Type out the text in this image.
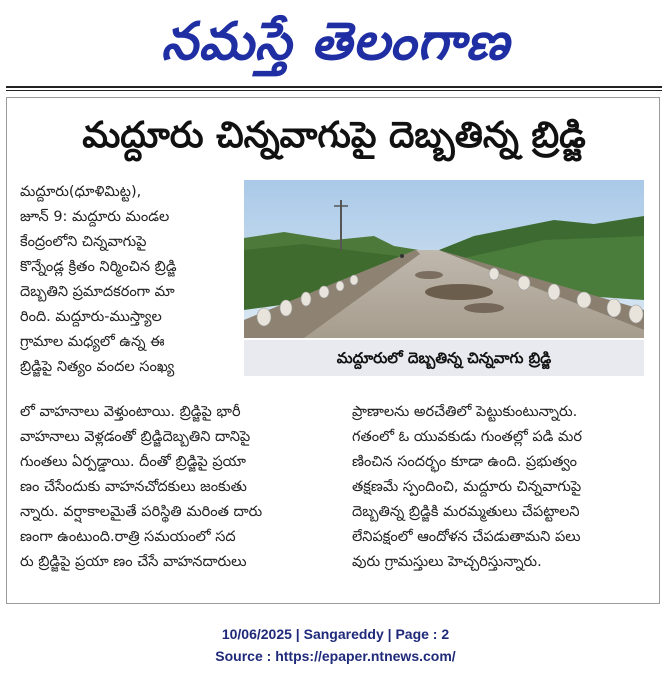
నమస్తే తెలంగాణ
మద్దూరు చిన్నవాగుపై దెబ్బతిన్న బ్రిడ్జి
మద్దూరు(ధూళిమిట్ట),
జూన్ 9: మద్దూరు మండల
కేంద్రంలోని చిన్నవాగుపై
కొన్నేండ్ల క్రితం నిర్మించిన బ్రిడ్జి
దెబ్బతిని ప్రమాదకరంగా మా
రింది. మద్దూరు-ముస్త్యాల
గ్రామాల మధ్యలో ఉన్న ఈ
బ్రిడ్జిపై నిత్యం వందల సంఖ్య	మద్దూరులో దెబ్బతిన్న చిన్నవాగు బ్రిడ్జి
లో వాహనాలు వెళ్తుంటాయి. బ్రిడ్జిపై భారీ
వాహనాలు వెళ్లడంతో బ్రిడ్జిదెబ్బతిని దానిపై
గుంతలు ఏర్పడ్డాయి. దీంతో బ్రిడ్జిపై ప్రయా
ణం చేసేందుకు వాహనచోదకులు జంకుతు
న్నారు. వర్షాకాలమైతే పరిస్థితి మరింత దారు
ణంగా ఉంటుంది.రాత్రి సమయంలో సద
రు బ్రిడ్జిపై ప్రయా ణం చేసే వాహనదారులు
ప్రాణాలను అరచేతిలో పెట్టుకుంటున్నారు.
గతంలో ఓ యువకుడు గుంతల్లో పడి మర
ణించిన సందర్భం కూడా ఉంది. ప్రభుత్వం
తక్షణమే స్పందించి, మద్దూరు చిన్నవాగుపై
దెబ్బతిన్న బ్రిడ్జికి మరమ్మతులు చేపట్టాలని
లేనిపక్షంలో ఆందోళన చేపడుతామని పలు
వురు గ్రామస్తులు హెచ్చరిస్తున్నారు.
10/06/2025 | Sangareddy | Page : 2
Source : https://epaper.ntnews.com/
